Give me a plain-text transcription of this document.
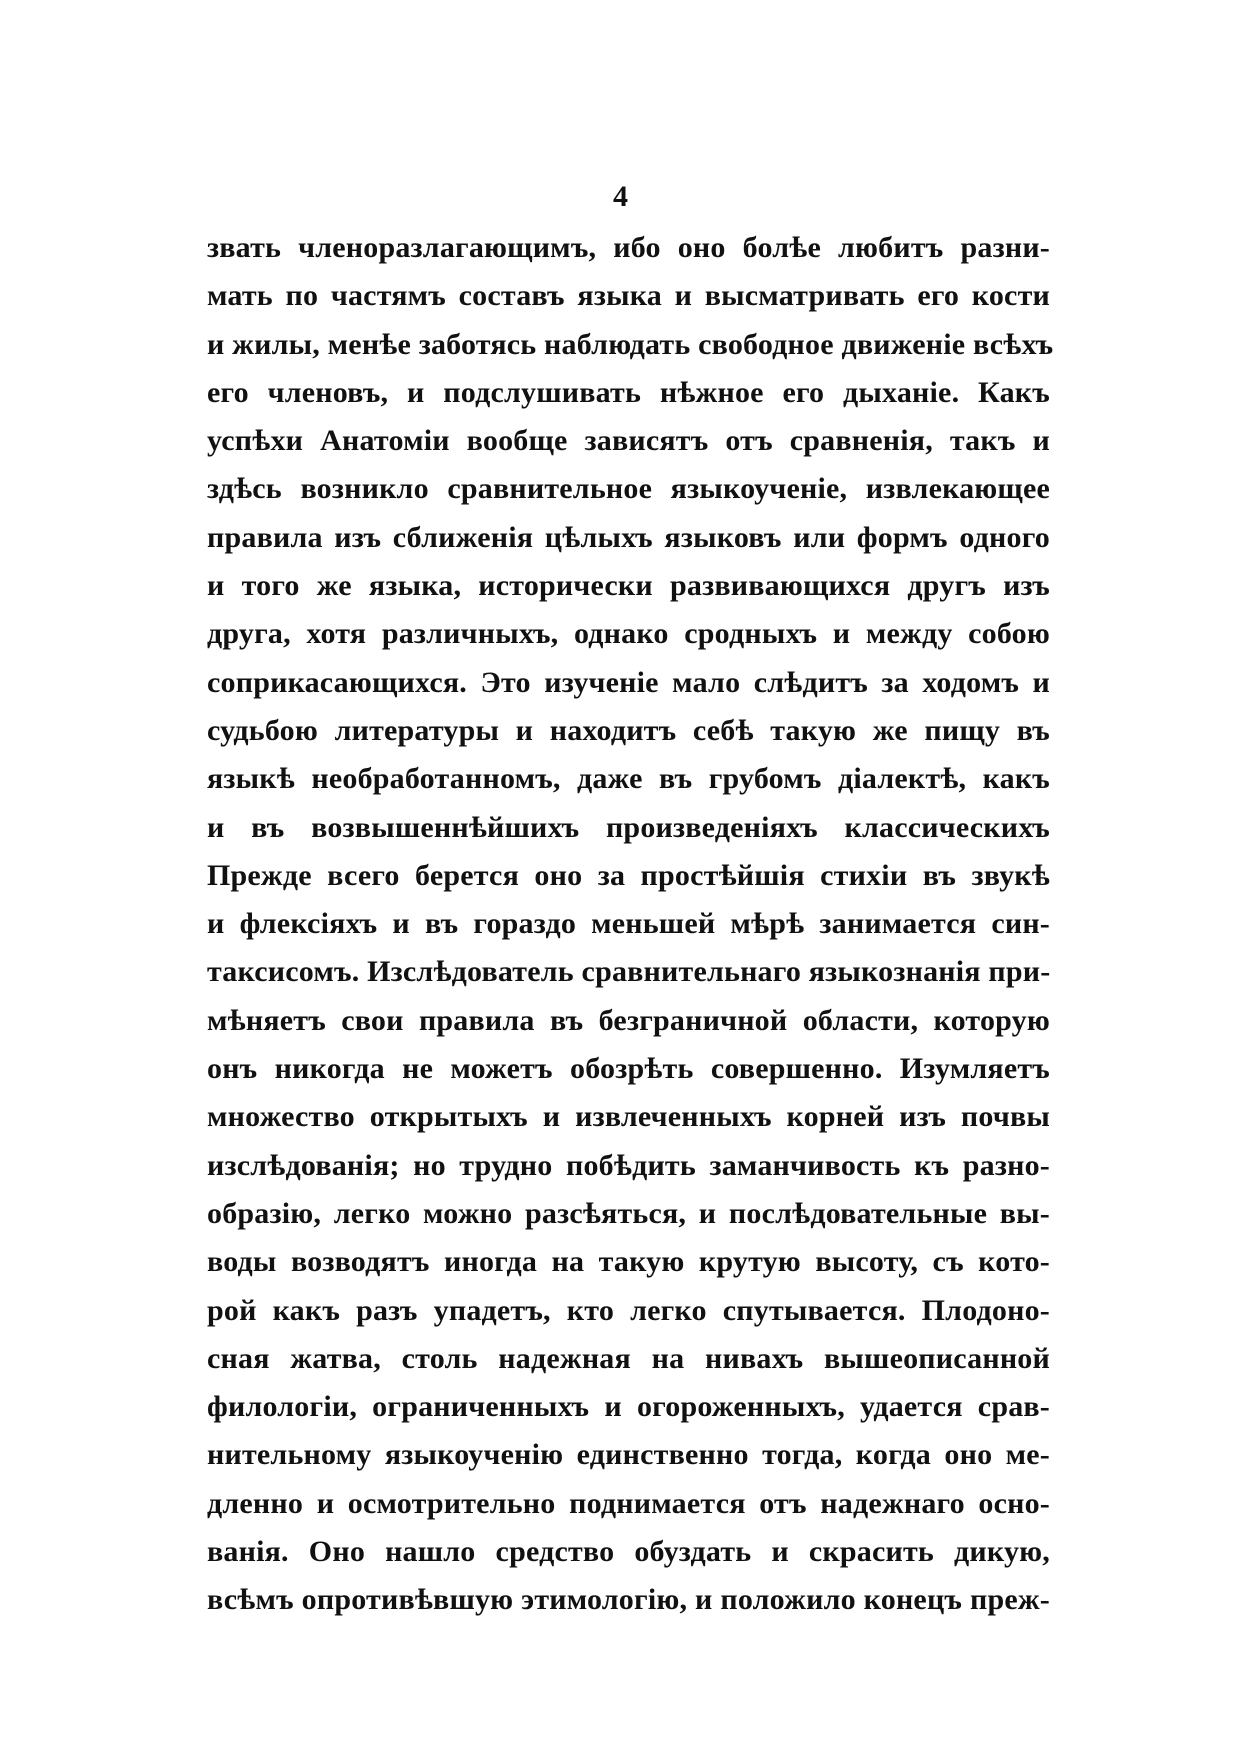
4
звать членоразлагающимъ, ибо оно болѣе любитъ разни-
мать по частямъ составъ языка и высматривать его кости
и жилы, менѣе заботясь наблюдать свободное движенie всѣхъ
его членовъ, и подслушивать нѣжное его дыханiе. Какъ
успѣхи Анатомiи вообще зависятъ отъ сравненiя, такъ и
здѣсь возникло сравнительное языкоученiе, извлекающее
правила изъ сближенiя цѣлыхъ языковъ или формъ одного
и того же языка, исторически развивающихся другъ изъ
друга, хотя различныхъ, однако сродныхъ и между собою
соприкасающихся. Это изученiе мало слѣдитъ за ходомъ и
судьбою литературы и находитъ себѣ такую же пищу въ
языкѣ необработанномъ, даже въ грубомъ дiалектѣ, какъ
и въ возвышеннѣйшихъ произведенiяхъ классическихъ
Прежде всего берется оно за простѣйшiя стихiи въ звукѣ
и флексiяхъ и въ гораздо меньшей мѣрѣ занимается син-
таксисомъ. Изслѣдователь сравнительнаго языкознанiя при-
мѣняетъ свои правила въ безграничной области, которую
онъ никогда не можетъ обозрѣть совершенно. Изумляетъ
множество открытыхъ и извлеченныхъ корней изъ почвы
изслѣдованiя; но трудно побѣдить заманчивость къ разно-
образiю, легко можно разсѣяться, и послѣдовательные вы-
воды возводятъ иногда на такую крутую высоту, съ кото-
рой какъ разъ упадетъ, кто легко спутывается. Плодоно-
сная жатва, столь надежная на нивахъ вышеописанной
филологiи, ограниченныхъ и огороженныхъ, удается срав-
нительному языкоученiю единственно тогда, когда оно ме-
дленно и осмотрительно поднимается отъ надежнаго осно-
ванiя. Оно нашло средство обуздать и скрасить дикую,
всѣмъ опротивѣвшую этимологiю, и положило конецъ преж-
